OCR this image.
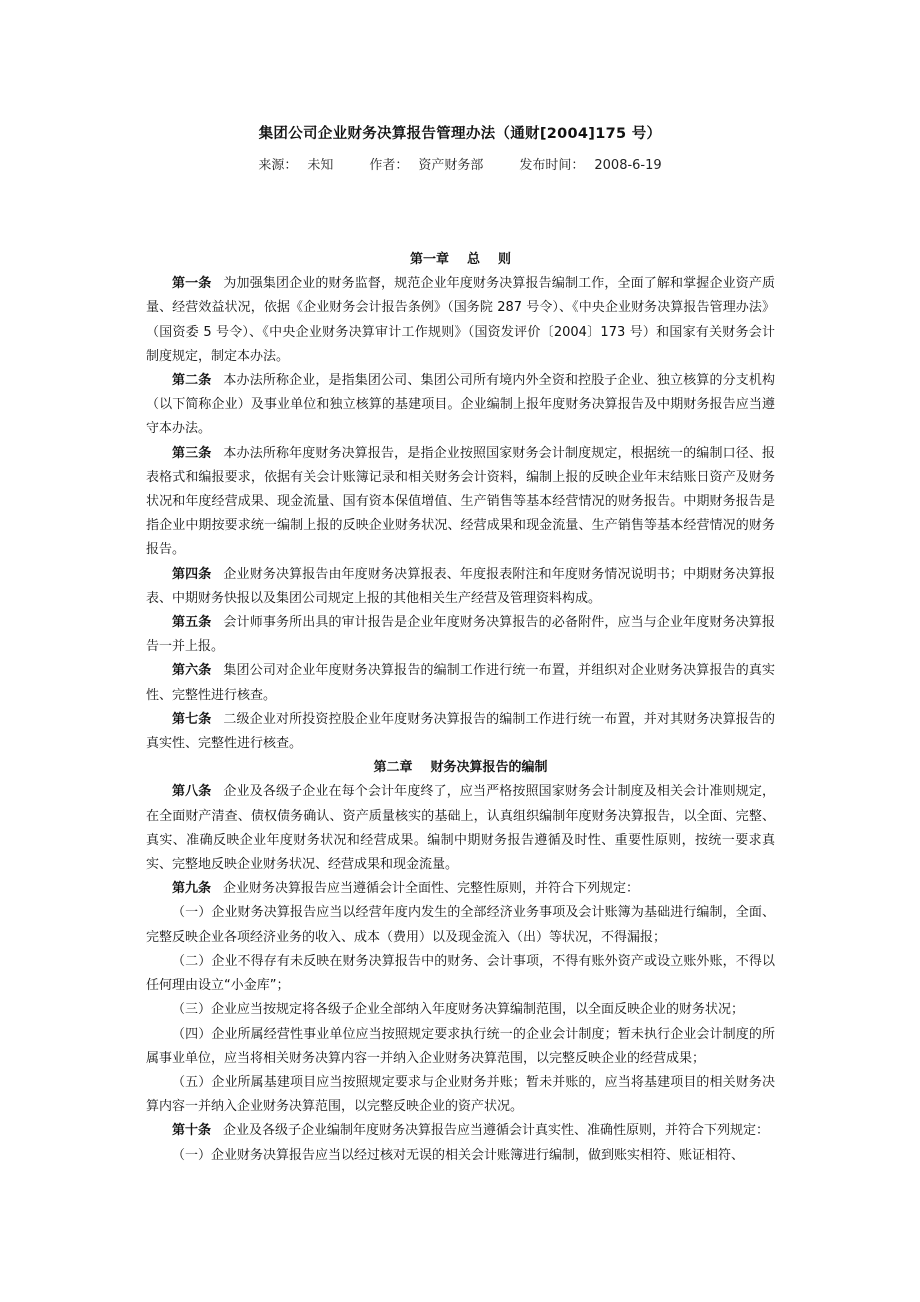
集团公司企业财务决算报告管理办法（通财[2004]175 号）
来源： 未知	作者： 资产财务部	发布时间： 2008-6-19
第一章 总 则

第一条 为加强集团企业的财务监督，规范企业年度财务决算报告编制工作，全面了解和掌握企业资产质量、经营效益状况，依据《企业财务会计报告条例》（国务院 287 号令）、《中央企业财务决算报告管理办法》（国资委 5 号令）、《中央企业财务决算审计工作规则》（国资发评价〔2004〕173 号）和国家有关财务会计制度规定，制定本办法。

第二条 本办法所称企业，是指集团公司、集团公司所有境内外全资和控股子企业、独立核算的分支机构（以下简称企业）及事业单位和独立核算的基建项目。企业编制上报年度财务决算报告及中期财务报告应当遵守本办法。

第三条 本办法所称年度财务决算报告，是指企业按照国家财务会计制度规定，根据统一的编制口径、报表格式和编报要求，依据有关会计账簿记录和相关财务会计资料，编制上报的反映企业年末结账日资产及财务状况和年度经营成果、现金流量、国有资本保值增值、生产销售等基本经营情况的财务报告。中期财务报告是指企业中期按要求统一编制上报的反映企业财务状况、经营成果和现金流量、生产销售等基本经营情况的财务报告。

第四条 企业财务决算报告由年度财务决算报表、年度报表附注和年度财务情况说明书；中期财务决算报表、中期财务快报以及集团公司规定上报的其他相关生产经营及管理资料构成。

第五条 会计师事务所出具的审计报告是企业年度财务决算报告的必备附件，应当与企业年度财务决算报告一并上报。

第六条 集团公司对企业年度财务决算报告的编制工作进行统一布置，并组织对企业财务决算报告的真实性、完整性进行核查。

第七条 二级企业对所投资控股企业年度财务决算报告的编制工作进行统一布置，并对其财务决算报告的真实性、完整性进行核查。

第二章 财务决算报告的编制

第八条 企业及各级子企业在每个会计年度终了，应当严格按照国家财务会计制度及相关会计准则规定，在全面财产清查、债权债务确认、资产质量核实的基础上，认真组织编制年度财务决算报告，以全面、完整、真实、准确反映企业年度财务状况和经营成果。编制中期财务报告遵循及时性、重要性原则，按统一要求真实、完整地反映企业财务状况、经营成果和现金流量。

第九条 企业财务决算报告应当遵循会计全面性、完整性原则，并符合下列规定：

（一）企业财务决算报告应当以经营年度内发生的全部经济业务事项及会计账簿为基础进行编制，全面、完整反映企业各项经济业务的收入、成本（费用）以及现金流入（出）等状况，不得漏报；

（二）企业不得存有未反映在财务决算报告中的财务、会计事项，不得有账外资产或设立账外账，不得以任何理由设立“小金库”；

（三）企业应当按规定将各级子企业全部纳入年度财务决算编制范围，以全面反映企业的财务状况；

（四）企业所属经营性事业单位应当按照规定要求执行统一的企业会计制度；暂未执行企业会计制度的所属事业单位，应当将相关财务决算内容一并纳入企业财务决算范围，以完整反映企业的经营成果；

（五）企业所属基建项目应当按照规定要求与企业财务并账；暂未并账的，应当将基建项目的相关财务决算内容一并纳入企业财务决算范围，以完整反映企业的资产状况。

第十条 企业及各级子企业编制年度财务决算报告应当遵循会计真实性、准确性原则，并符合下列规定：

（一）企业财务决算报告应当以经过核对无误的相关会计账簿进行编制，做到账实相符、账证相符、
